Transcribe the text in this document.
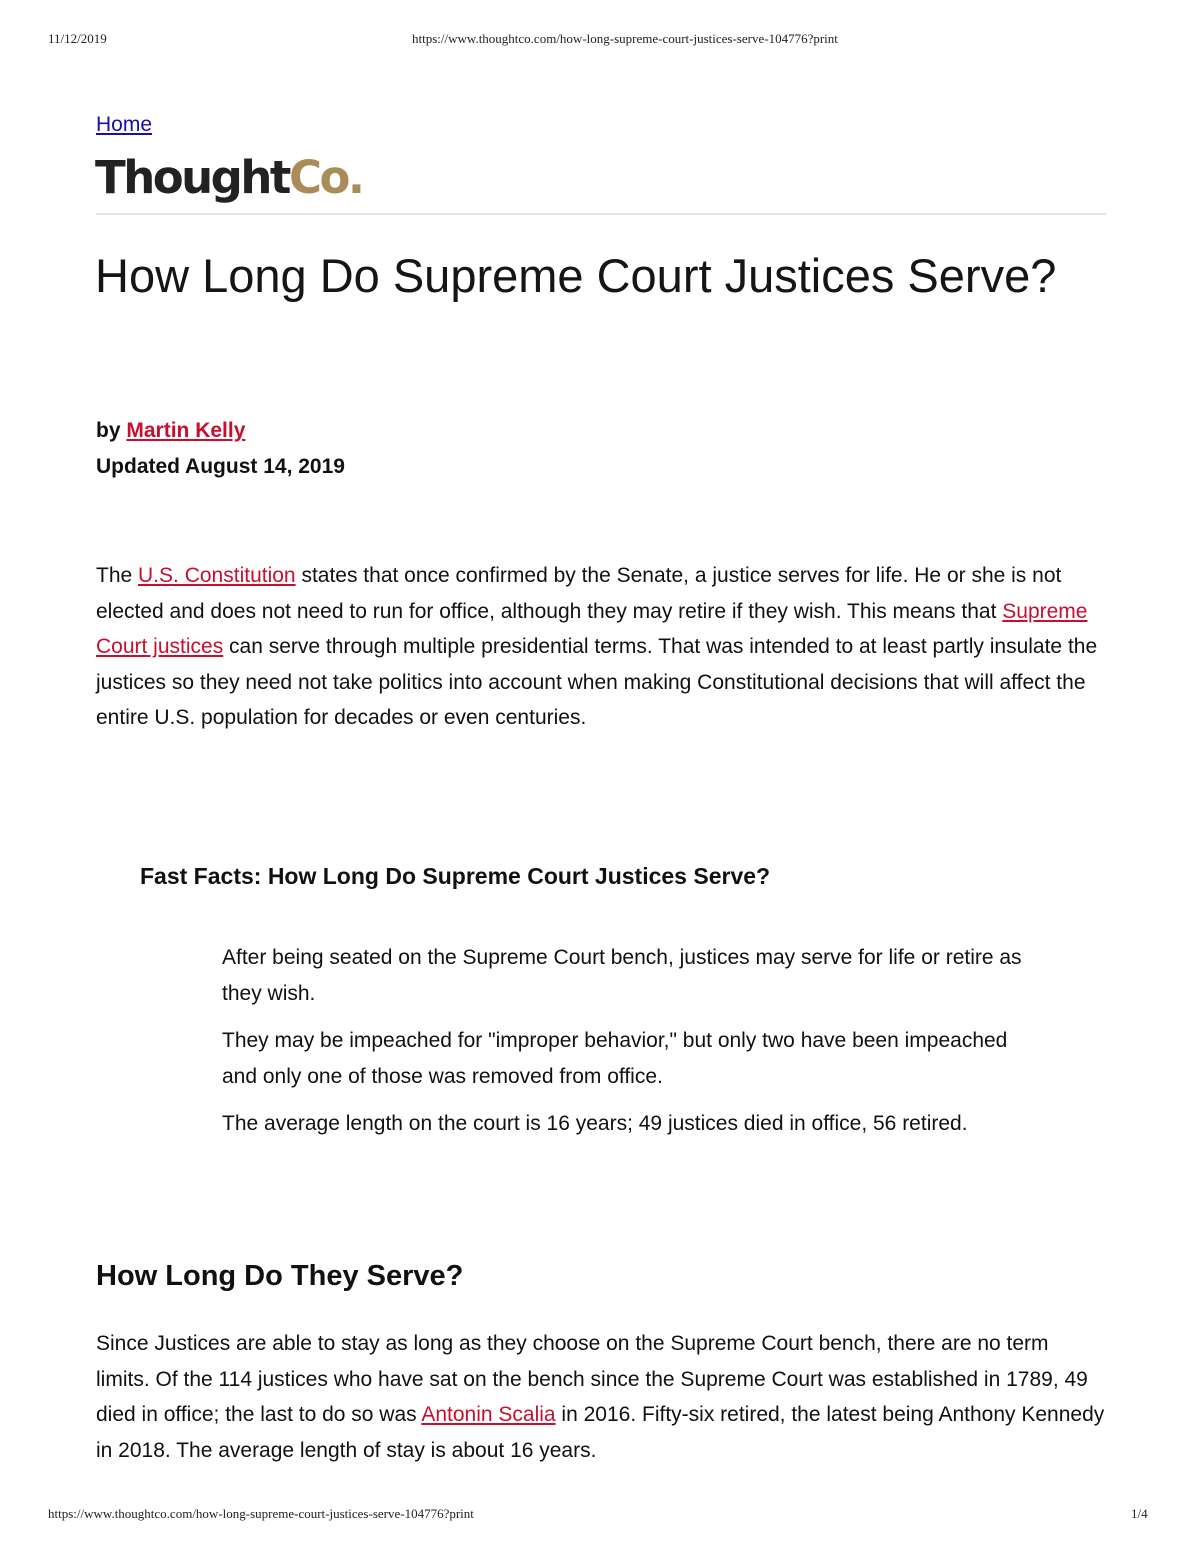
11/12/2019	https://www.thoughtco.com/how-long-supreme-court-justices-serve-104776?print
Home
ThoughtCo.
How Long Do Supreme Court Justices Serve?
by Martin Kelly
Updated August 14, 2019

The U.S. Constitution states that once confirmed by the Senate, a justice serves for life. He or she is not elected and does not need to run for office, although they may retire if they wish. This means that Supreme Court justices can serve through multiple presidential terms. That was intended to at least partly insulate the justices so they need not take politics into account when making Constitutional decisions that will affect the entire U.S. population for decades or even centuries.

Fast Facts: How Long Do Supreme Court Justices Serve?
After being seated on the Supreme Court bench, justices may serve for life or retire as they wish.
They may be impeached for "improper behavior," but only two have been impeached and only one of those was removed from office.
The average length on the court is 16 years; 49 justices died in office, 56 retired.
How Long Do They Serve?

Since Justices are able to stay as long as they choose on the Supreme Court bench, there are no term limits. Of the 114 justices who have sat on the bench since the Supreme Court was established in 1789, 49 died in office; the last to do so was Antonin Scalia in 2016. Fifty-six retired, the latest being Anthony Kennedy in 2018. The average length of stay is about 16 years.

https://www.thoughtco.com/how-long-supreme-court-justices-serve-104776?print	1/4
